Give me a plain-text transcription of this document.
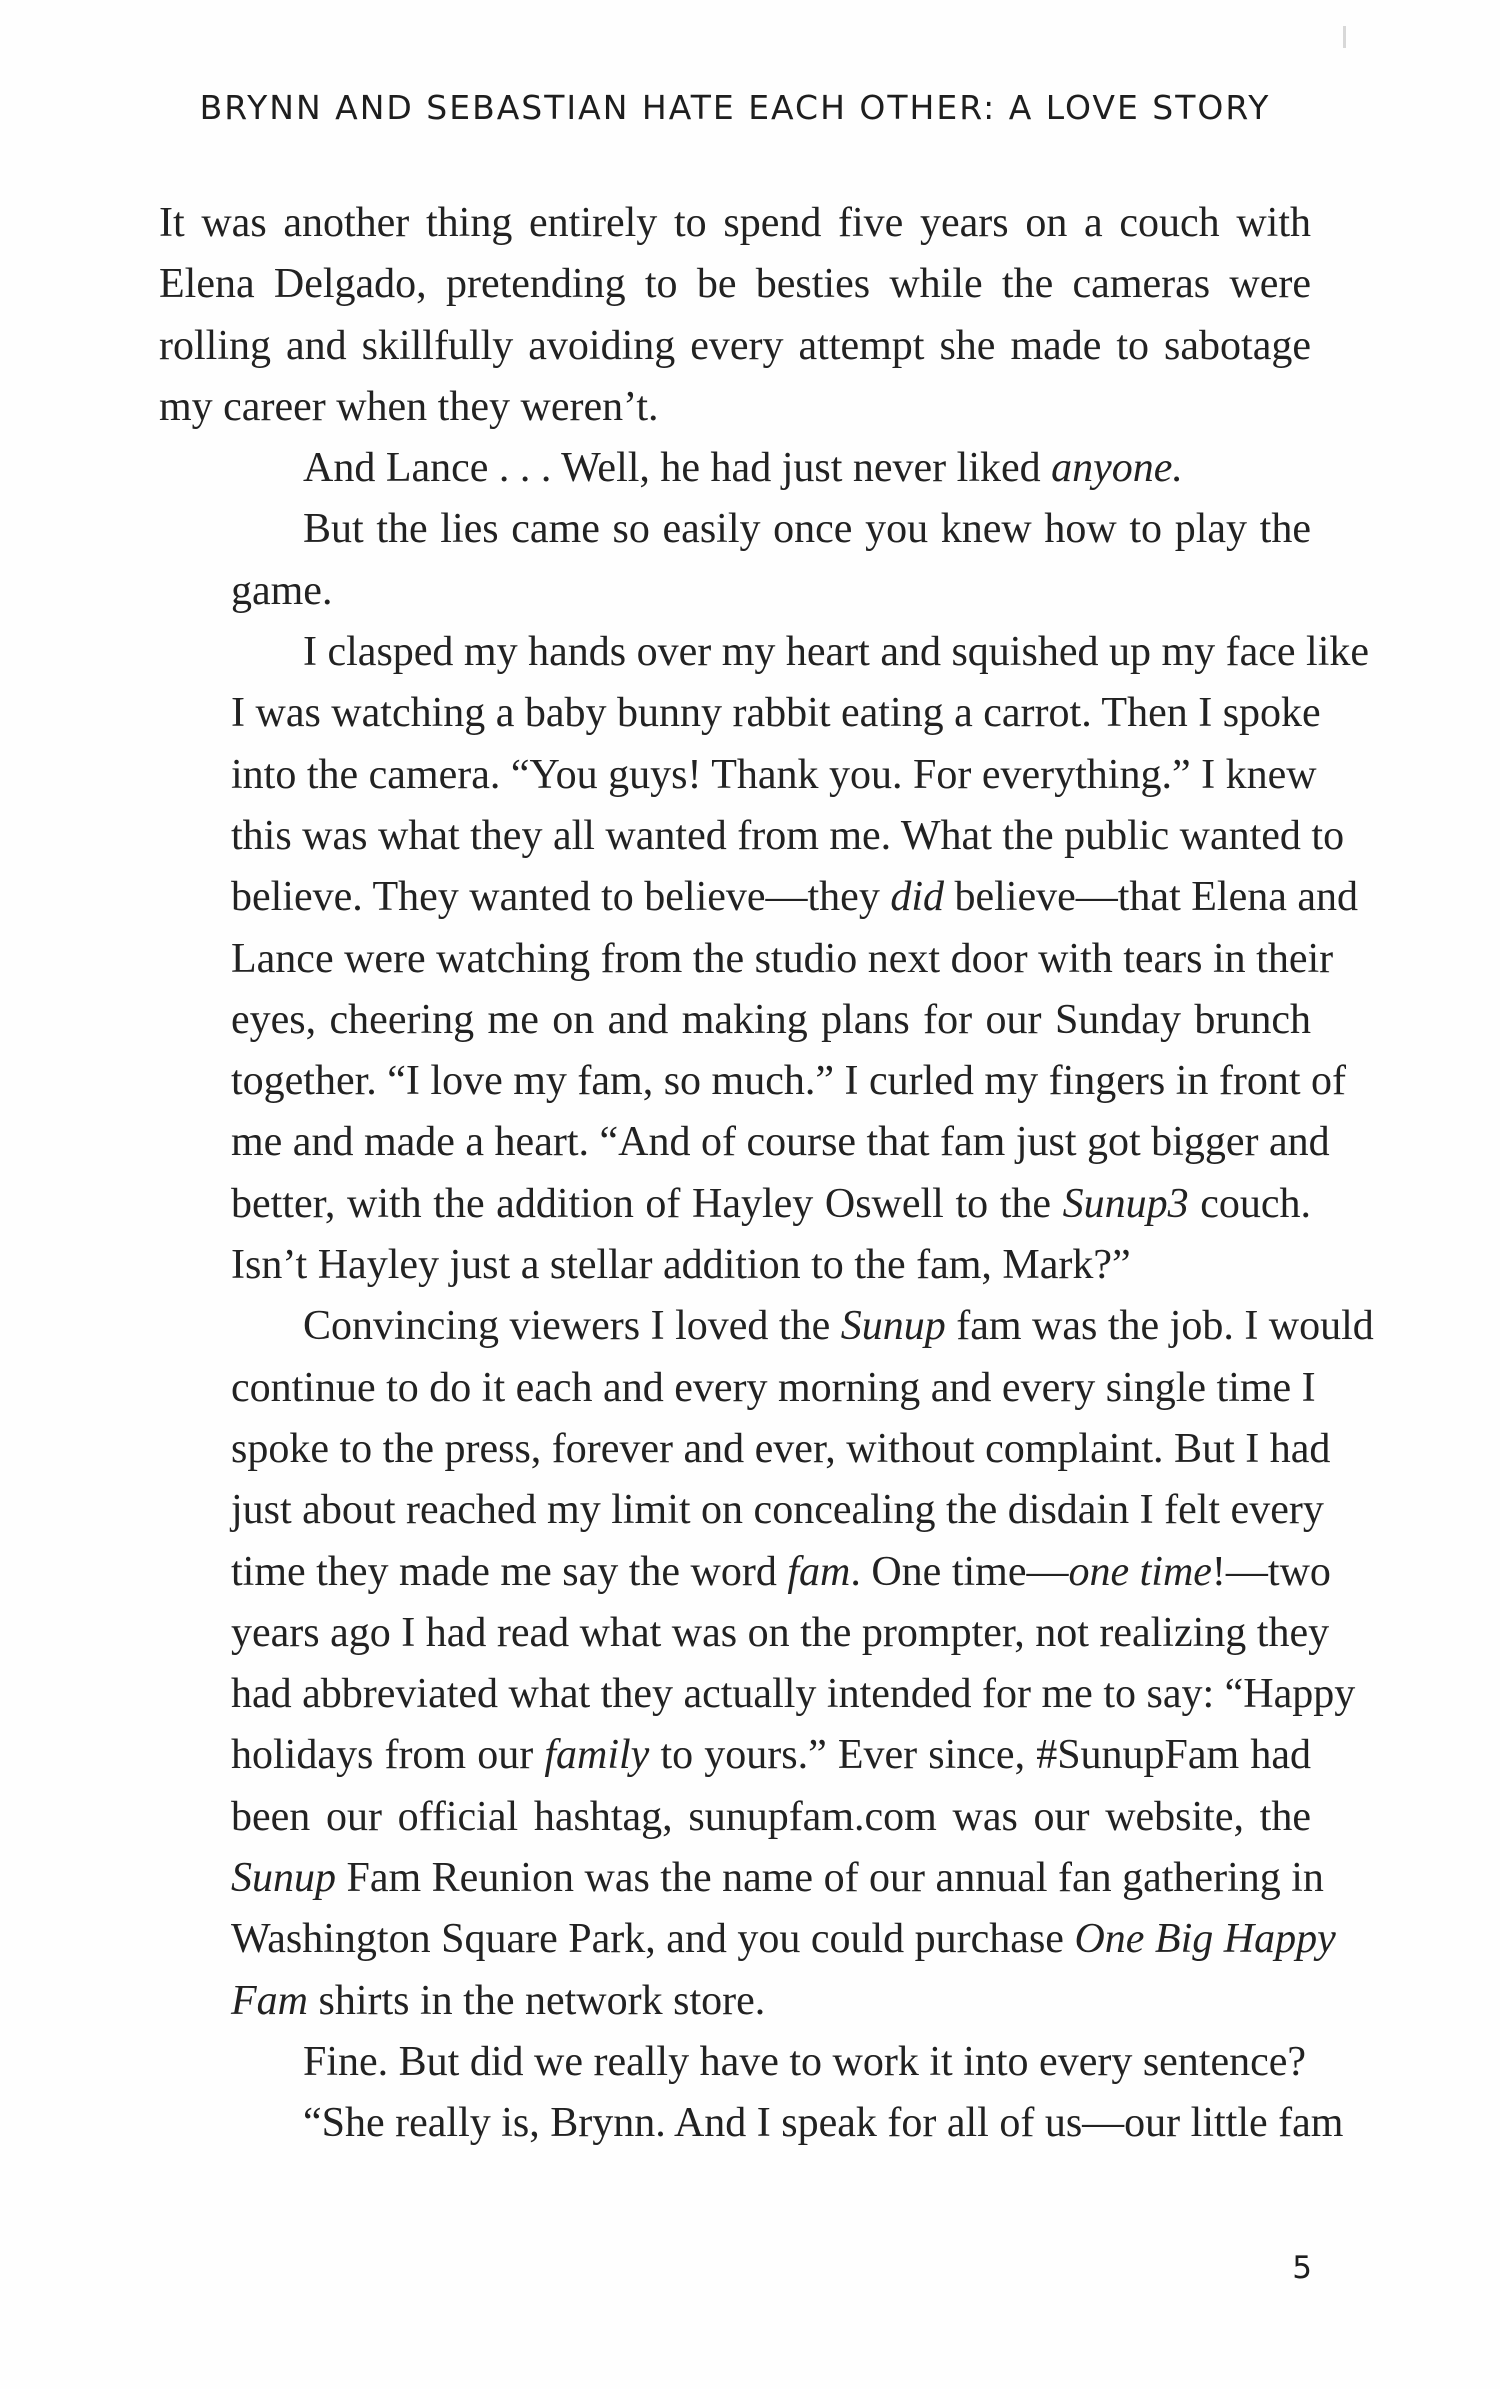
BRYNN AND SEBASTIAN HATE EACH OTHER: A LOVE STORY

It was another thing entirely to spend five years on a couch with
Elena Delgado, pretending to be besties while the cameras were
rolling and skillfully avoiding every attempt she made to sabotage
my career when they weren’t.

And Lance . . . Well, he had just never liked anyone.

But the lies came so easily once you knew how to play the
game.

I clasped my hands over my heart and squished up my face like
I was watching a baby bunny rabbit eating a carrot. Then I spoke
into the camera. “You guys! Thank you. For everything.” I knew
this was what they all wanted from me. What the public wanted to
believe. They wanted to believe—they did believe—that Elena and
Lance were watching from the studio next door with tears in their
eyes, cheering me on and making plans for our Sunday brunch
together. “I love my fam, so much.” I curled my fingers in front of
me and made a heart. “And of course that fam just got bigger and
better, with the addition of Hayley Oswell to the Sunup3 couch.
Isn’t Hayley just a stellar addition to the fam, Mark?”

Convincing viewers I loved the Sunup fam was the job. I would
continue to do it each and every morning and every single time I
spoke to the press, forever and ever, without complaint. But I had
just about reached my limit on concealing the disdain I felt every
time they made me say the word fam. One time—one time!—two
years ago I had read what was on the prompter, not realizing they
had abbreviated what they actually intended for me to say: “Happy
holidays from our family to yours.” Ever since, #SunupFam had
been our official hashtag, sunupfam.com was our website, the
Sunup Fam Reunion was the name of our annual fan gathering in
Washington Square Park, and you could purchase One Big Happy
Fam shirts in the network store.

Fine. But did we really have to work it into every sentence?

“She really is, Brynn. And I speak for all of us—our little fam

5
